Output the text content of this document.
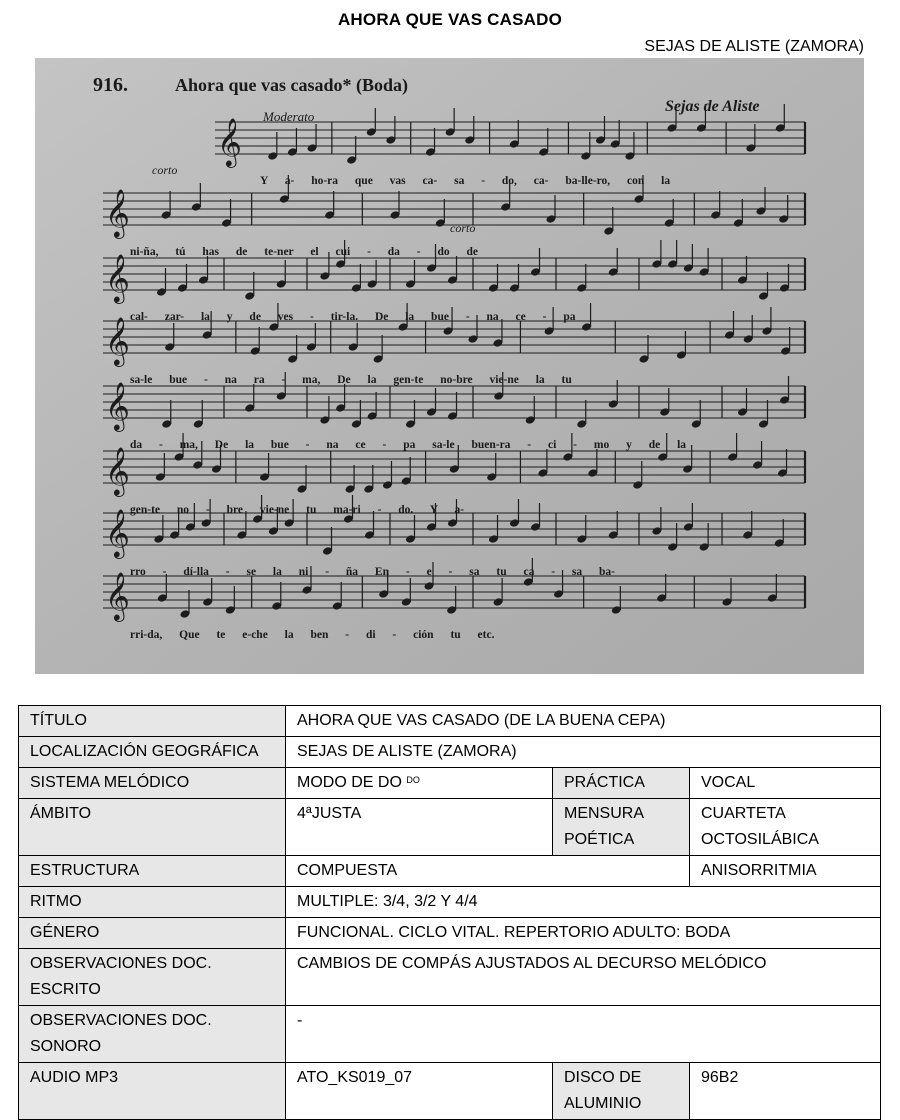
AHORA QUE VAS CASADO
SEJAS DE ALISTE (ZAMORA)
916.	Ahora que vas casado* (Boda)
Sejas de Aliste
Moderato
corto
corto
𝄞
𝄞
𝄞
𝄞
𝄞
𝄞
𝄞
𝄞
Y a- ho-ra que vas ca- sa - do, ca- ba-lle-ro, con la
ni-ña, tú has de te-ner el cui - da - do de
cal- zar- la y de ves - tir-la. De la bue - na ce - pa
sa-le bue - na ra - ma, De la gen-te no-bre vie-ne la tu
da - ma, De la bue - na ce - pa sa-le buen-ra - ci - mo y de la
gen-te no - bre vie-ne tu ma-ri - do. Y a-
rro - dí-lla - se la ni - ña En - e - sa tu ca - sa ba-
rri-da, Que te e-che la ben - di - ción tu etc.
TÍTULO	AHORA QUE VAS CASADO (DE LA BUENA CEPA)		
LOCALIZACIÓN GEOGRÁFICA	SEJAS DE ALISTE (ZAMORA)		
SISTEMA MELÓDICO	MODO DE DO $^{DO}$	PRÁCTICA	VOCAL
ÁMBITO	4ªJUSTA	MENSURA POÉTICA	CUARTETA OCTOSILÁBICA
ESTRUCTURA	COMPUESTA		ANISORRITMIA
RITMO	MULTIPLE: 3/4, 3/2 Y 4/4		
GÉNERO	FUNCIONAL. CICLO VITAL. REPERTORIO ADULTO: BODA		
OBSERVACIONES DOC. ESCRITO	CAMBIOS DE COMPÁS AJUSTADOS AL DECURSO MELÓDICO		
OBSERVACIONES DOC. SONORO	-		
AUDIO MP3	ATO_KS019_07	DISCO DE ALUMINIO	96B2
